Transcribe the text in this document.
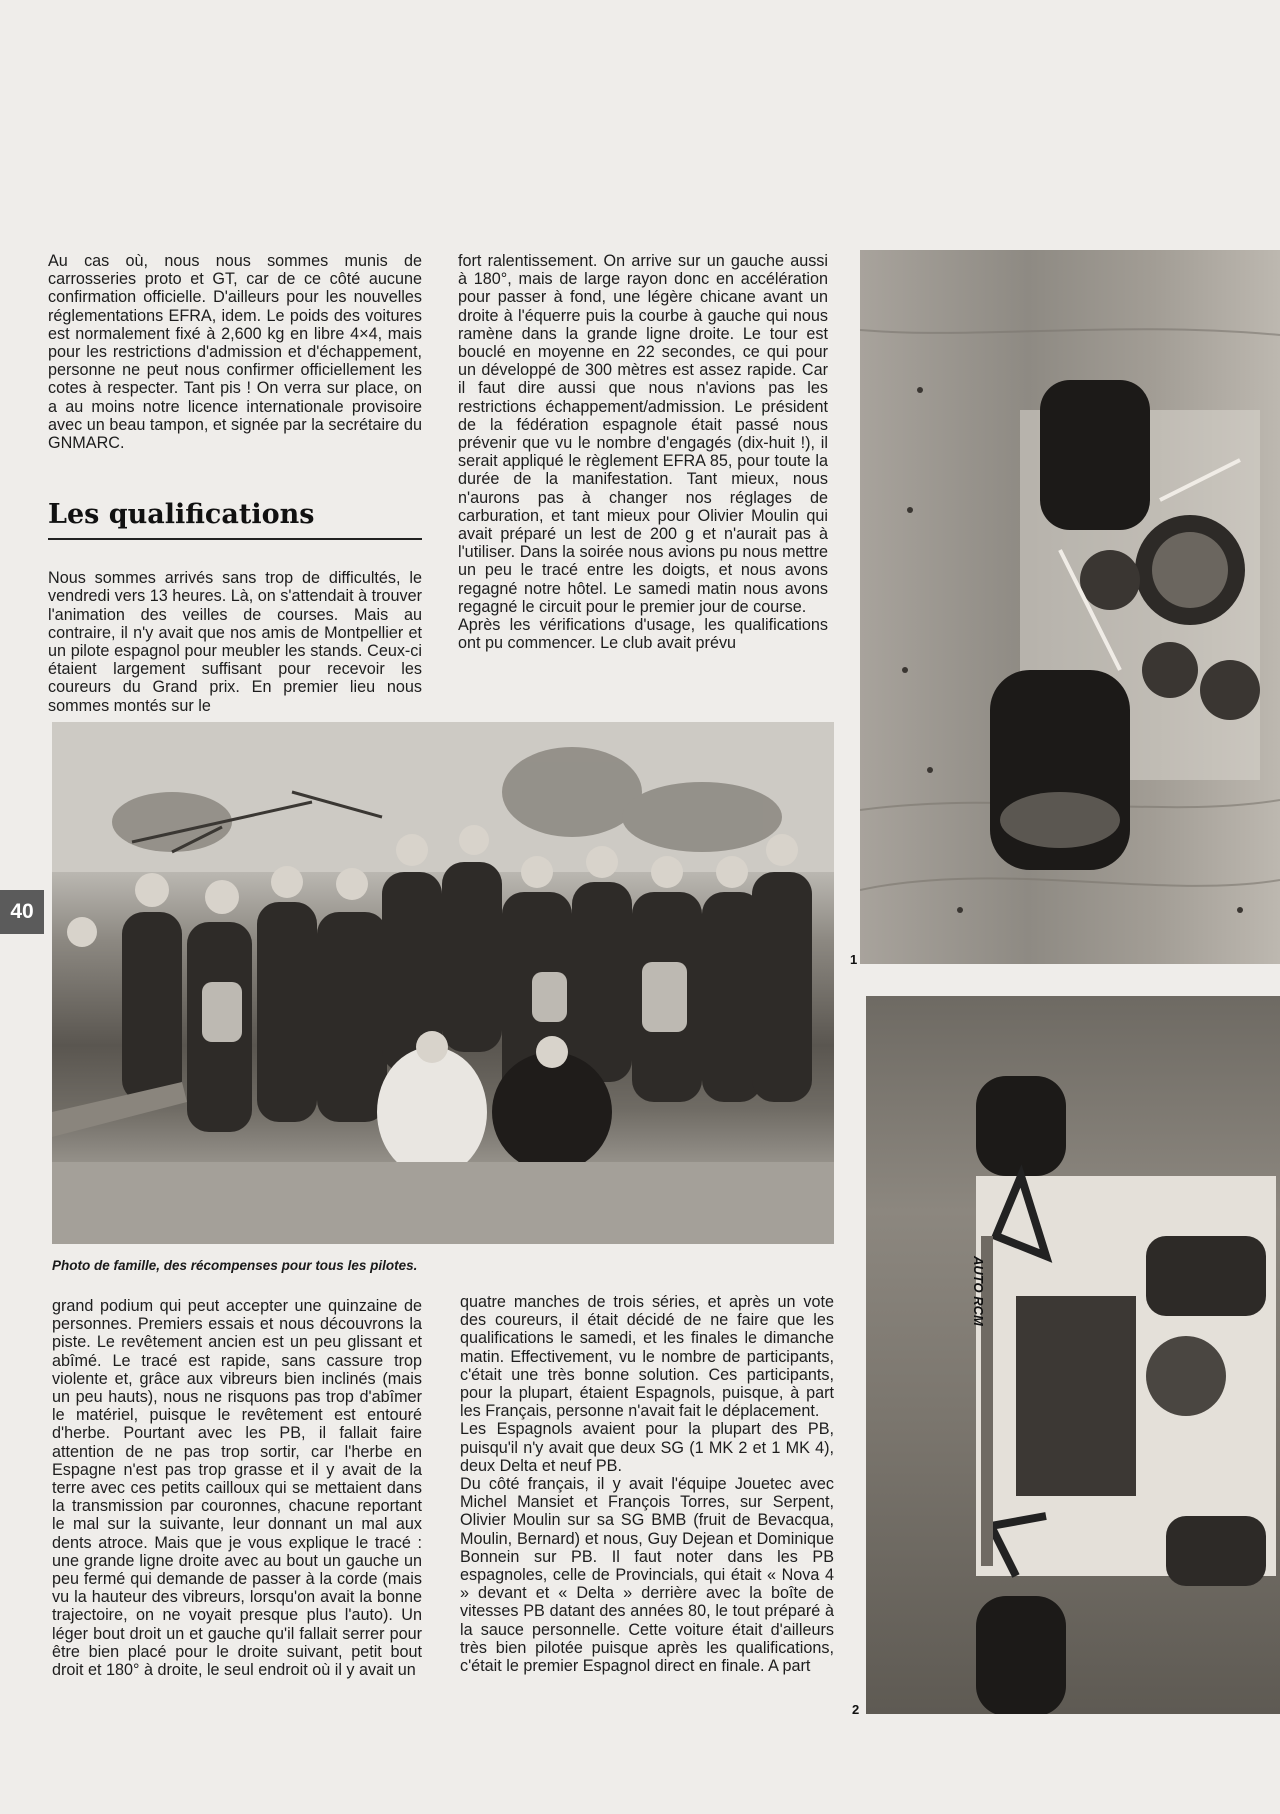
40

Au cas où, nous nous sommes munis de carrosseries proto et GT, car de ce côté aucune confirmation officielle. D'ailleurs pour les nouvelles réglementations EFRA, idem. Le poids des voitures est normalement fixé à 2,600 kg en libre 4×4, mais pour les restrictions d'admission et d'échappement, personne ne peut nous confirmer officiellement les cotes à respecter. Tant pis ! On verra sur place, on a au moins notre licence internationale provisoire avec un beau tampon, et signée par la secrétaire du GNMARC.

Les qualifications

Nous sommes arrivés sans trop de difficultés, le vendredi vers 13 heures. Là, on s'attendait à trouver l'animation des veilles de courses. Mais au contraire, il n'y avait que nos amis de Montpellier et un pilote espagnol pour meubler les stands. Ceux-ci étaient largement suffisant pour recevoir les coureurs du Grand prix. En premier lieu nous sommes montés sur le

fort ralentissement. On arrive sur un gauche aussi à 180°, mais de large rayon donc en accélération pour passer à fond, une légère chicane avant un droite à l'équerre puis la courbe à gauche qui nous ramène dans la grande ligne droite. Le tour est bouclé en moyenne en 22 secondes, ce qui pour un développé de 300 mètres est assez rapide. Car il faut dire aussi que nous n'avions pas les restrictions échappement/admission. Le président de la fédération espagnole était passé nous prévenir que vu le nombre d'engagés (dix-huit !), il serait appliqué le règlement EFRA 85, pour toute la durée de la manifestation. Tant mieux, nous n'aurons pas à changer nos réglages de carburation, et tant mieux pour Olivier Moulin qui avait préparé un lest de 200 g et n'aurait pas à l'utiliser. Dans la soirée nous avions pu nous mettre un peu le tracé entre les doigts, et nous avons regagné notre hôtel. Le samedi matin nous avons regagné le circuit pour le premier jour de course.

Après les vérifications d'usage, les qualifications ont pu commencer. Le club avait prévu

Photo de famille, des récompenses pour tous les pilotes.
1
AUTO RCM
2

grand podium qui peut accepter une quinzaine de personnes. Premiers essais et nous découvrons la piste. Le revêtement ancien est un peu glissant et abîmé. Le tracé est rapide, sans cassure trop violente et, grâce aux vibreurs bien inclinés (mais un peu hauts), nous ne risquons pas trop d'abîmer le matériel, puisque le revêtement est entouré d'herbe. Pourtant avec les PB, il fallait faire attention de ne pas trop sortir, car l'herbe en Espagne n'est pas trop grasse et il y avait de la terre avec ces petits cailloux qui se mettaient dans la transmission par couronnes, chacune reportant le mal sur la suivante, leur donnant un mal aux dents atroce. Mais que je vous explique le tracé : une grande ligne droite avec au bout un gauche un peu fermé qui demande de passer à la corde (mais vu la hauteur des vibreurs, lorsqu'on avait la bonne trajectoire, on ne voyait presque plus l'auto). Un léger bout droit un et gauche qu'il fallait serrer pour être bien placé pour le droite suivant, petit bout droit et 180° à droite, le seul endroit où il y avait un

quatre manches de trois séries, et après un vote des coureurs, il était décidé de ne faire que les qualifications le samedi, et les finales le dimanche matin. Effectivement, vu le nombre de participants, c'était une très bonne solution. Ces participants, pour la plupart, étaient Espagnols, puisque, à part les Français, personne n'avait fait le déplacement.

Les Espagnols avaient pour la plupart des PB, puisqu'il n'y avait que deux SG (1 MK 2 et 1 MK 4), deux Delta et neuf PB.

Du côté français, il y avait l'équipe Jouetec avec Michel Mansiet et François Torres, sur Serpent, Olivier Moulin sur sa SG BMB (fruit de Bevacqua, Moulin, Bernard) et nous, Guy Dejean et Dominique Bonnein sur PB. Il faut noter dans les PB espagnoles, celle de Provincials, qui était « Nova 4 » devant et « Delta » derrière avec la boîte de vitesses PB datant des années 80, le tout préparé à la sauce personnelle. Cette voiture était d'ailleurs très bien pilotée puisque après les qualifications, c'était le premier Espagnol direct en finale. A part
